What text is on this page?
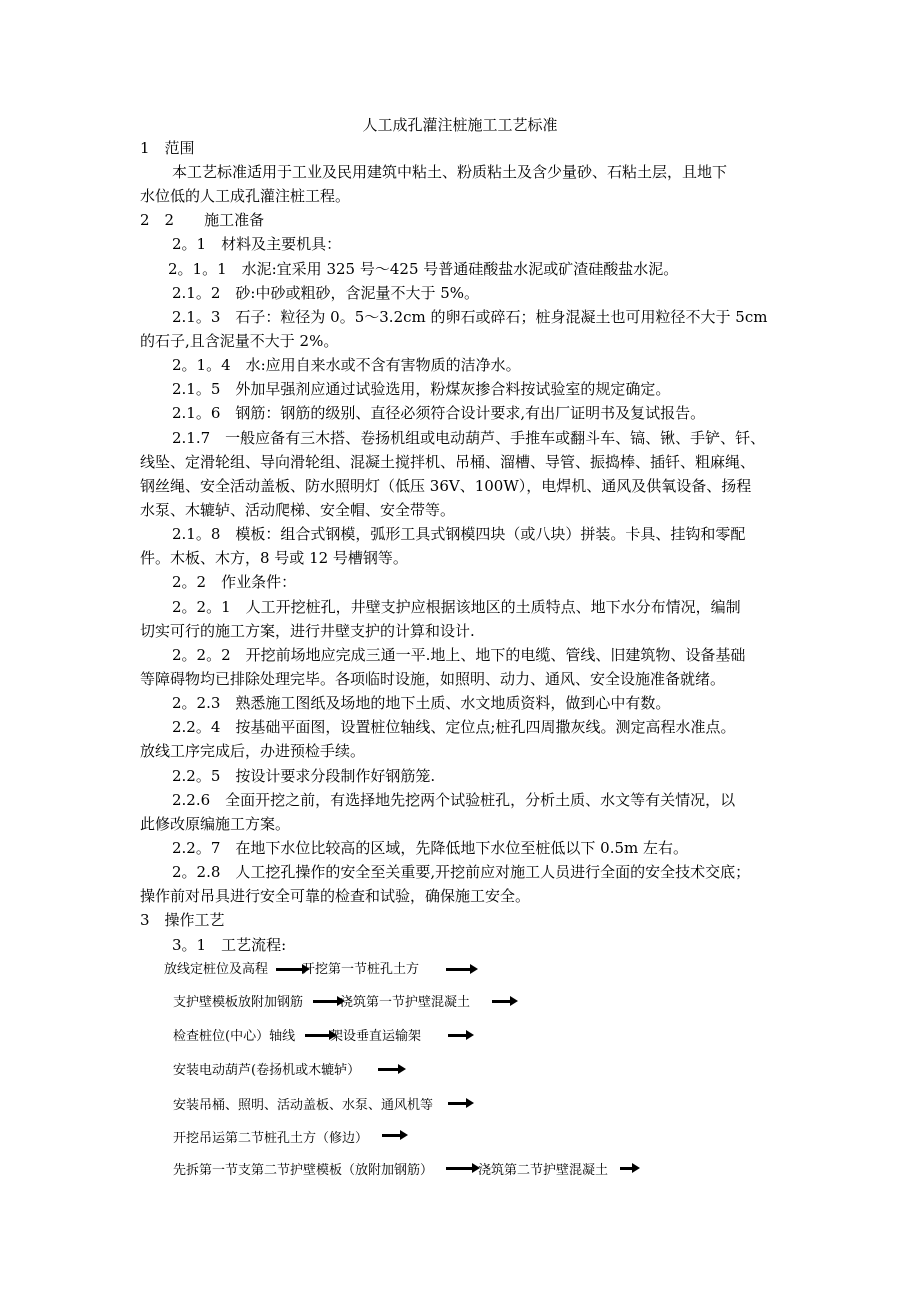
人工成孔灌注桩施工工艺标准
1　范围
本工艺标准适用于工业及民用建筑中粘土、粉质粘土及含少量砂、石粘土层，且地下
水位低的人工成孔灌注桩工程。
2　2　　施工准备
2。1　材料及主要机具：
2。1。1　水泥:宜采用 325 号～425 号普通硅酸盐水泥或矿渣硅酸盐水泥。
2.1。2　砂:中砂或粗砂，含泥量不大于 5%。
2.1。3　石子：粒径为 0。5～3.2cm 的卵石或碎石；桩身混凝土也可用粒径不大于 5cm
的石子,且含泥量不大于 2%。
2。1。4　水:应用自来水或不含有害物质的洁净水。
2.1。5　外加早强剂应通过试验选用，粉煤灰掺合料按试验室的规定确定。
2.1。6　钢筋：钢筋的级别、直径必须符合设计要求,有出厂证明书及复试报告。
2.1.7　一般应备有三木搭、卷扬机组或电动葫芦、手推车或翻斗车、镐、锹、手铲、钎、
线坠、定滑轮组、导向滑轮组、混凝土搅拌机、吊桶、溜槽、导管、振捣棒、插钎、粗麻绳、
钢丝绳、安全活动盖板、防水照明灯（低压 36V、100W），电焊机、通风及供氧设备、扬程
水泵、木辘轳、活动爬梯、安全帽、安全带等。
2.1。8　模板：组合式钢模，弧形工具式钢模四块（或八块）拼装。卡具、挂钩和零配
件。木板、木方，8 号或 12 号槽钢等。
2。2　作业条件：
2。2。1　人工开挖桩孔，井壁支护应根据该地区的土质特点、地下水分布情况，编制
切实可行的施工方案，进行井壁支护的计算和设计.
2。2。2　开挖前场地应完成三通一平.地上、地下的电缆、管线、旧建筑物、设备基础
等障碍物均已排除处理完毕。各项临时设施，如照明、动力、通风、安全设施准备就绪。
2。2.3　熟悉施工图纸及场地的地下土质、水文地质资料，做到心中有数。
2.2。4　按基础平面图，设置桩位轴线、定位点;桩孔四周撒灰线。测定高程水准点。
放线工序完成后，办进预检手续。
2.2。5　按设计要求分段制作好钢筋笼.
2.2.6　全面开挖之前，有选择地先挖两个试验桩孔，分析土质、水文等有关情况，以
此修改原编施工方案。
2.2。7　在地下水位比较高的区域，先降低地下水位至桩低以下 0.5m 左右。
2。2.8　人工挖孔操作的安全至关重要,开挖前应对施工人员进行全面的安全技术交底；
操作前对吊具进行安全可靠的检查和试验，确保施工安全。
3　操作工艺
3。1　工艺流程:
放线定桩位及高程	开挖第一节桩孔土方
支护壁模板放附加钢筋	浇筑第一节护壁混凝土
检查桩位(中心）轴线	架设垂直运输架
安装电动葫芦(卷扬机或木辘轳）
安装吊桶、照明、活动盖板、水泵、通风机等
开挖吊运第二节桩孔土方（修边）
先拆第一节支第二节护壁模板（放附加钢筋）	浇筑第二节护壁混凝土
